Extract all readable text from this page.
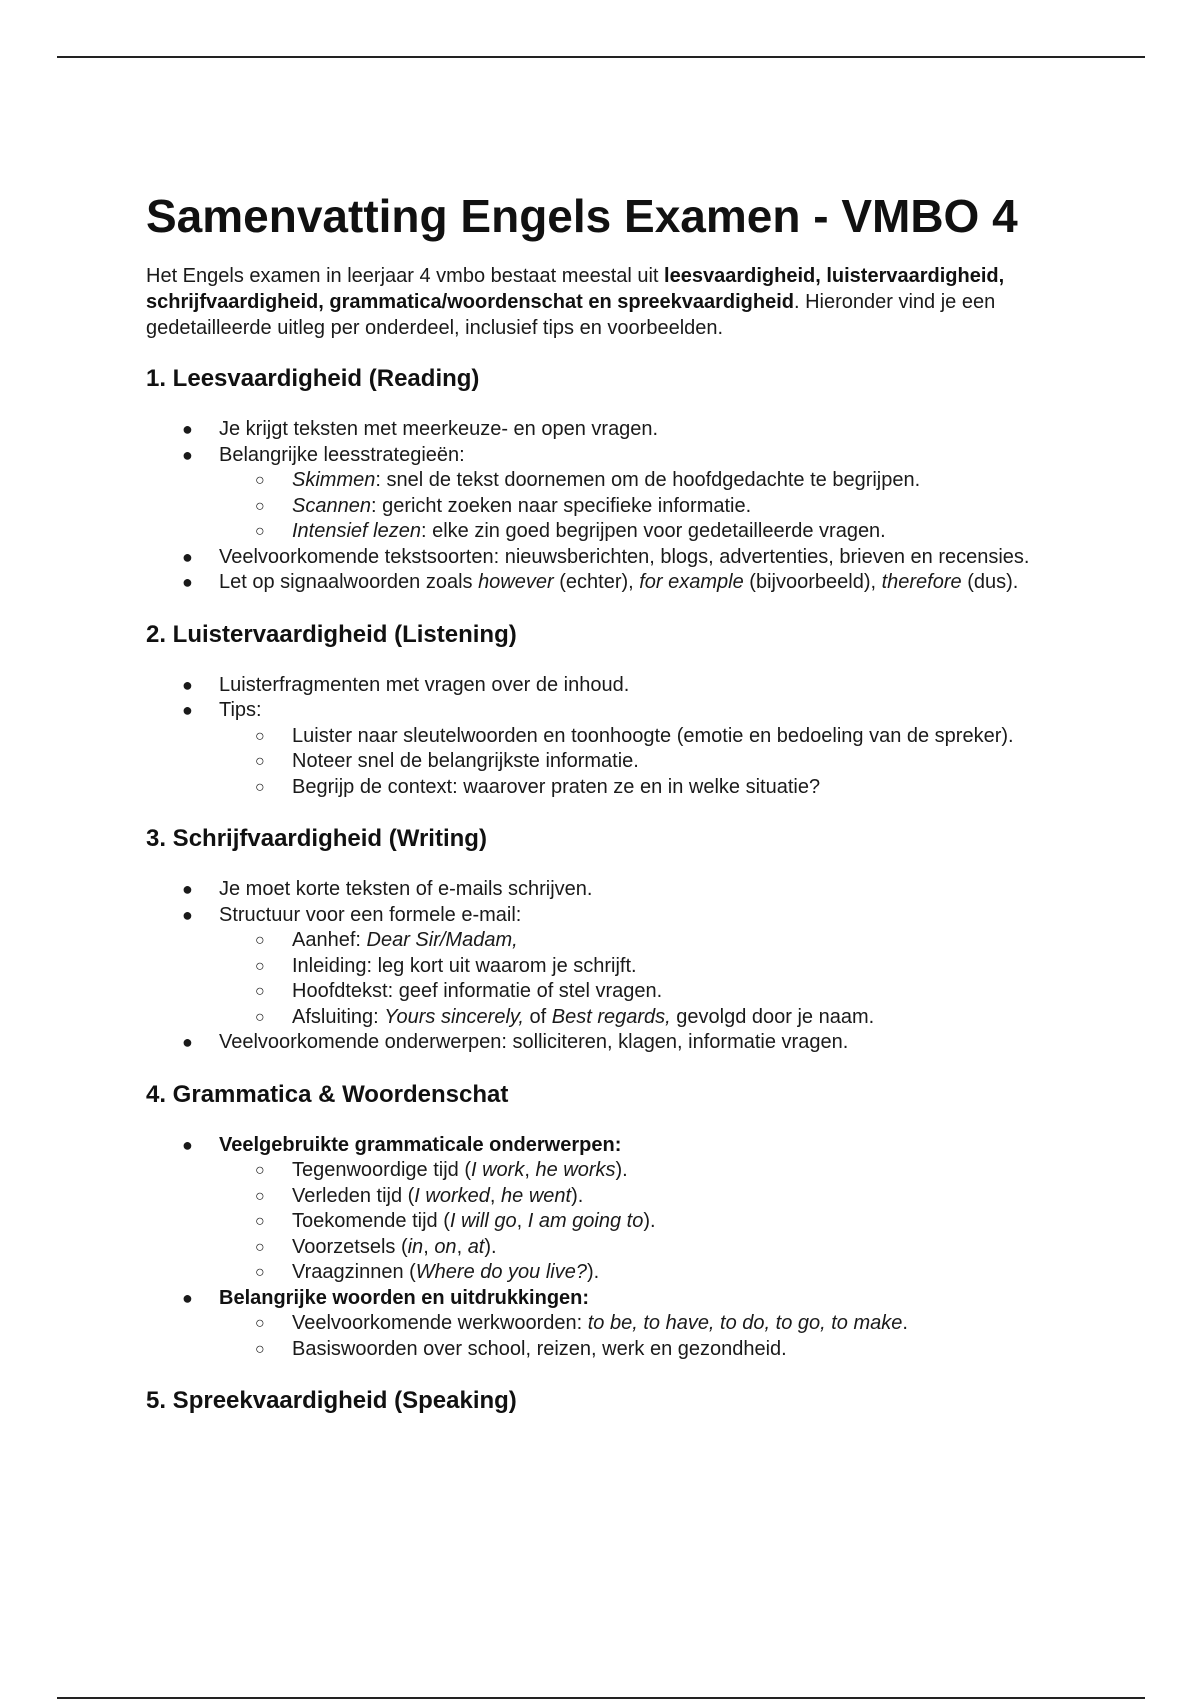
Samenvatting Engels Examen - VMBO 4

Het Engels examen in leerjaar 4 vmbo bestaat meestal uit leesvaardigheid, luistervaardigheid, schrijfvaardigheid, grammatica/woordenschat en spreekvaardigheid. Hieronder vind je een gedetailleerde uitleg per onderdeel, inclusief tips en voorbeelden.

1. Leesvaardigheid (Reading)
● Je krijgt teksten met meerkeuze- en open vragen.
● Belangrijke leesstrategieën:
○ Skimmen: snel de tekst doornemen om de hoofdgedachte te begrijpen.
○ Scannen: gericht zoeken naar specifieke informatie.
○ Intensief lezen: elke zin goed begrijpen voor gedetailleerde vragen.
● Veelvoorkomende tekstsoorten: nieuwsberichten, blogs, advertenties, brieven en recensies.
● Let op signaalwoorden zoals however (echter), for example (bijvoorbeeld), therefore (dus).
2. Luistervaardigheid (Listening)
● Luisterfragmenten met vragen over de inhoud.
● Tips:
○ Luister naar sleutelwoorden en toonhoogte (emotie en bedoeling van de spreker).
○ Noteer snel de belangrijkste informatie.
○ Begrijp de context: waarover praten ze en in welke situatie?
3. Schrijfvaardigheid (Writing)
● Je moet korte teksten of e-mails schrijven.
● Structuur voor een formele e-mail:
○ Aanhef: Dear Sir/Madam,
○ Inleiding: leg kort uit waarom je schrijft.
○ Hoofdtekst: geef informatie of stel vragen.
○ Afsluiting: Yours sincerely, of Best regards, gevolgd door je naam.
● Veelvoorkomende onderwerpen: solliciteren, klagen, informatie vragen.
4. Grammatica & Woordenschat
● Veelgebruikte grammaticale onderwerpen:
○ Tegenwoordige tijd (I work, he works).
○ Verleden tijd (I worked, he went).
○ Toekomende tijd (I will go, I am going to).
○ Voorzetsels (in, on, at).
○ Vraagzinnen (Where do you live?).
● Belangrijke woorden en uitdrukkingen:
○ Veelvoorkomende werkwoorden: to be, to have, to do, to go, to make.
○ Basiswoorden over school, reizen, werk en gezondheid.
5. Spreekvaardigheid (Speaking)
